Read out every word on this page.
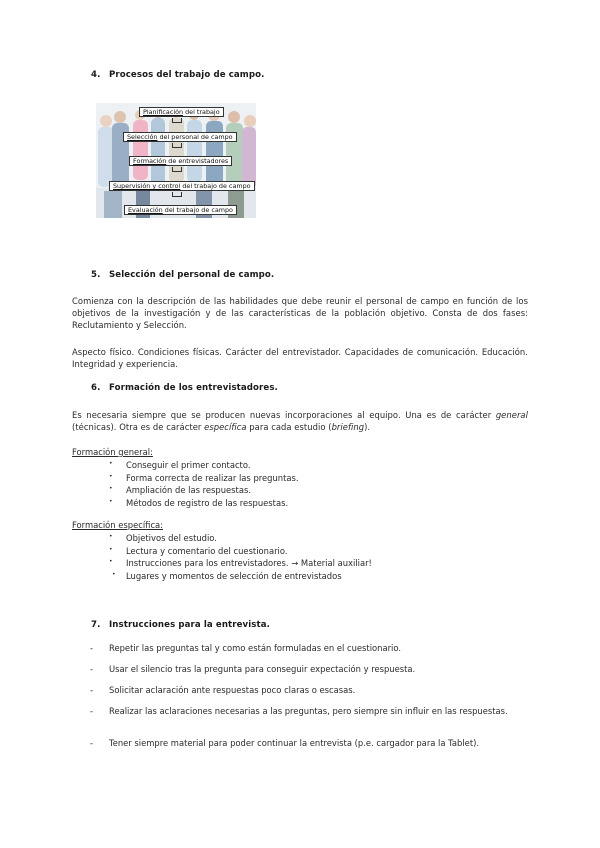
4. Procesos del trabajo de campo.
Planificación del trabajo
Selección del personal de campo
Formación de entrevistadores
Supervisión y control del trabajo de campo
Evaluación del trabajo de campo
5. Selección del personal de campo.
Comienza con la descripción de las habilidades que debe reunir el personal de campo en función de los objetivos de la investigación y de las características de la población objetivo. Consta de dos fases: Reclutamiento y Selección.
Aspecto físico. Condiciones físicas. Carácter del entrevistador. Capacidades de comunicación. Educación. Integridad y experiencia.
6. Formación de los entrevistadores.
Es necesaria siempre que se producen nuevas incorporaciones al equipo. Una es de carácter general (técnicas). Otra es de carácter específica para cada estudio (briefing).
Formación general:
• Conseguir el primer contacto.
• Forma correcta de realizar las preguntas.
• Ampliación de las respuestas.
• Métodos de registro de las respuestas.
Formación específica:
• Objetivos del estudio.
• Lectura y comentario del cuestionario.
• Instrucciones para los entrevistadores. → Material auxiliar!
• Lugares y momentos de selección de entrevistados
7. Instrucciones para la entrevista.
- Repetir las preguntas tal y como están formuladas en el cuestionario.
- Usar el silencio tras la pregunta para conseguir expectación y respuesta.
- Solicitar aclaración ante respuestas poco claras o escasas.
- Realizar las aclaraciones necesarias a las preguntas, pero siempre sin influir en las respuestas.
- Tener siempre material para poder continuar la entrevista (p.e. cargador para la Tablet).
